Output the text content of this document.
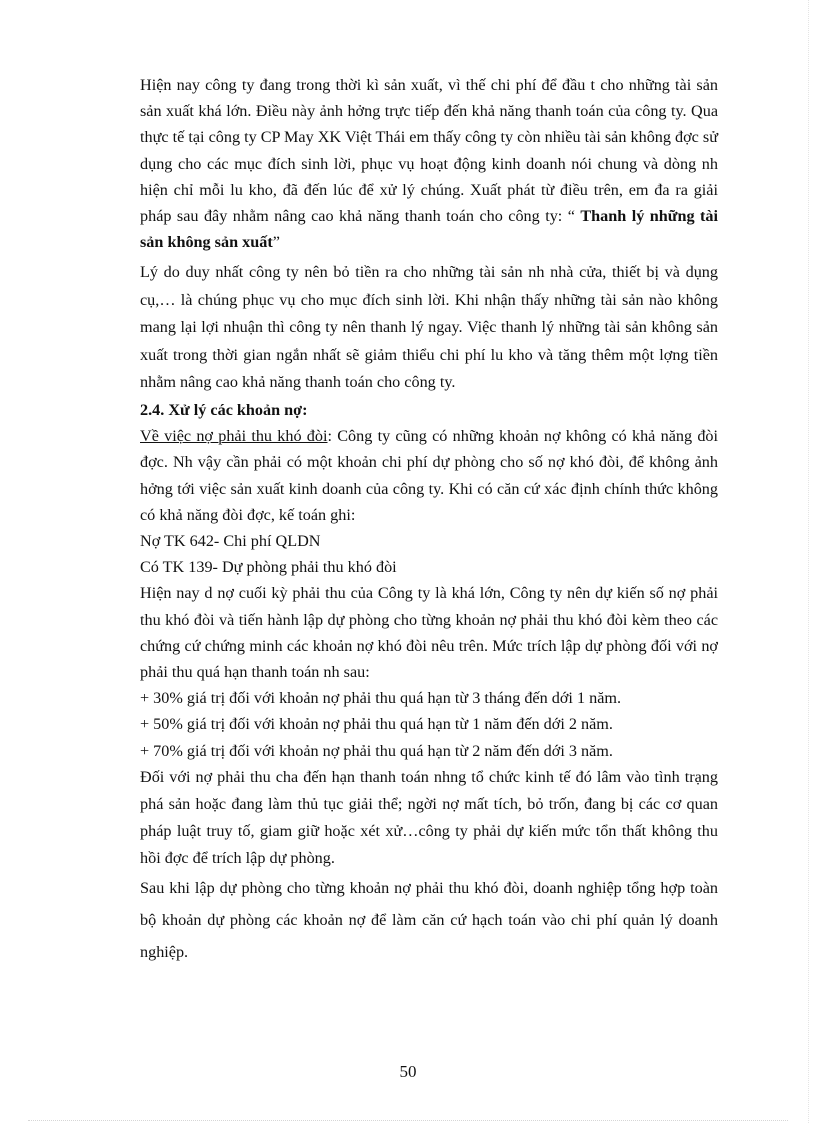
Hiện nay công ty đang trong thời kì sản xuất, vì thế chi phí để đầu t cho những tài sản sản xuất khá lớn. Điều này ảnh hởng trực tiếp đến khả năng thanh toán của công ty. Qua thực tế tại công ty CP May XK Việt Thái em thấy công ty còn nhiều tài sản không đợc sử dụng cho các mục đích sinh lời, phục vụ hoạt động kinh doanh nói chung và dòng nh hiện chỉ mỗi lu kho, đã đến lúc để xử lý chúng. Xuất phát từ điều trên, em đa ra giải pháp sau đây nhằm nâng cao khả năng thanh toán cho công ty: “ Thanh lý những tài sản không sản xuất”

Lý do duy nhất công ty nên bỏ tiền ra cho những tài sản nh nhà cửa, thiết bị và dụng cụ,… là chúng phục vụ cho mục đích sinh lời. Khi nhận thấy những tài sản nào không mang lại lợi nhuận thì công ty nên thanh lý ngay. Việc thanh lý những tài sản không sản xuất trong thời gian ngắn nhất sẽ giảm thiểu chi phí lu kho và tăng thêm một lợng tiền nhằm nâng cao khả năng thanh toán cho công ty.

2.4. Xử lý các khoản nợ:

Về việc nợ phải thu khó đòi: Công ty cũng có những khoản nợ không có khả năng đòi đợc. Nh vậy cần phải có một khoản chi phí dự phòng cho số nợ khó đòi, để không ảnh hởng tới việc sản xuất kinh doanh của công ty. Khi có căn cứ xác định chính thức không có khả năng đòi đợc, kế toán ghi:

Nợ TK 642- Chi phí QLDN

Có TK 139- Dự phòng phải thu khó đòi

Hiện nay d nợ cuối kỳ phải thu của Công ty là khá lớn, Công ty nên dự kiến số nợ phải thu khó đòi và tiến hành lập dự phòng cho từng khoản nợ phải thu khó đòi kèm theo các chứng cứ chứng minh các khoản nợ khó đòi nêu trên. Mức trích lập dự phòng đối với nợ phải thu quá hạn thanh toán nh sau:

+ 30% giá trị đối với khoản nợ phải thu quá hạn từ 3 tháng đến dới 1 năm.

+ 50% giá trị đối với khoản nợ phải thu quá hạn từ 1 năm đến dới 2 năm.

+ 70% giá trị đối với khoản nợ phải thu quá hạn từ 2 năm đến dới 3 năm.

Đối với nợ phải thu cha đến hạn thanh toán nhng tổ chức kinh tế đó lâm vào tình trạng phá sản hoặc đang làm thủ tục giải thể; ngời nợ mất tích, bỏ trốn, đang bị các cơ quan pháp luật truy tố, giam giữ hoặc xét xử…công ty phải dự kiến mức tổn thất không thu hồi đợc để trích lập dự phòng.

Sau khi lập dự phòng cho từng khoản nợ phải thu khó đòi, doanh nghiệp tổng hợp toàn bộ khoản dự phòng các khoản nợ để làm căn cứ hạch toán vào chi phí quản lý doanh nghiệp.

50
